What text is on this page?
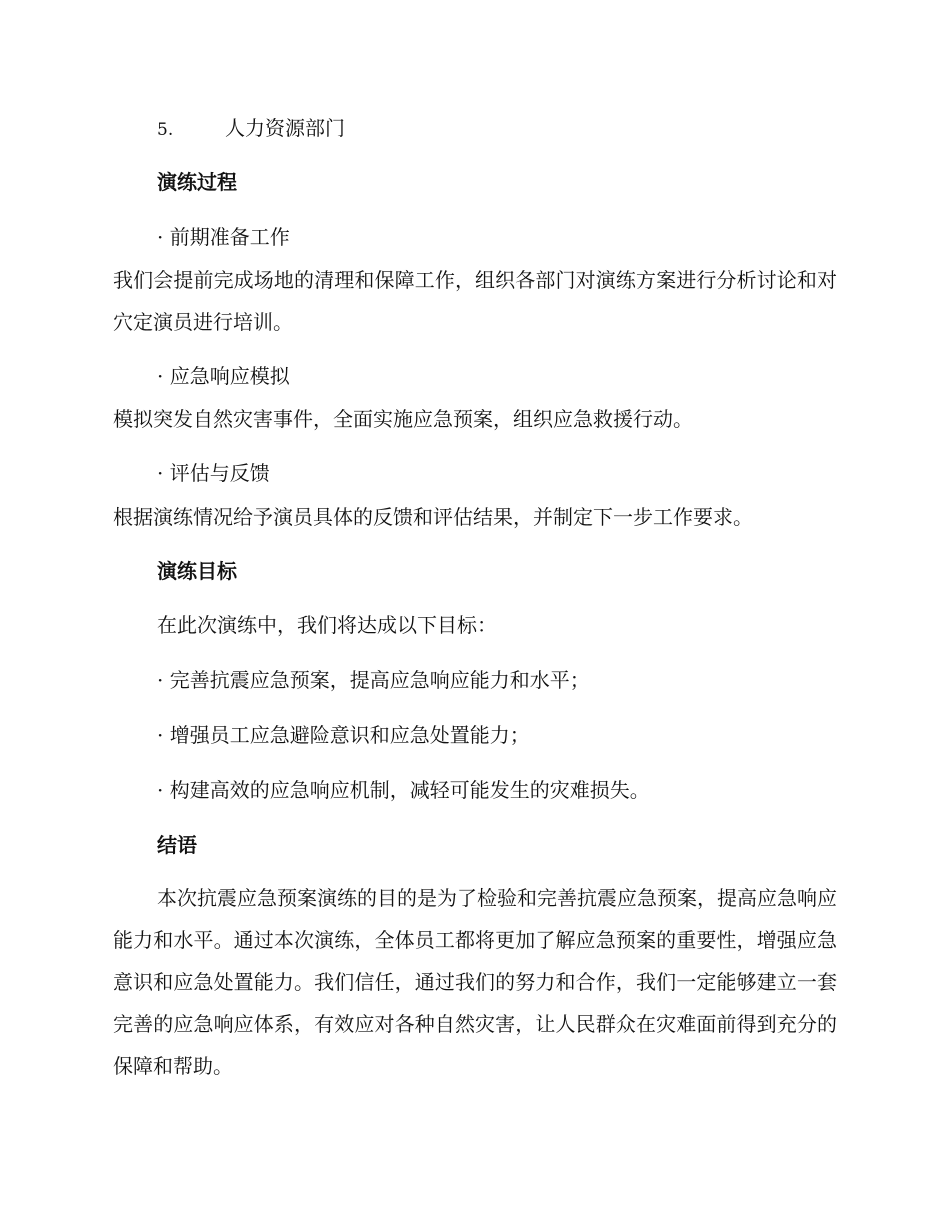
5.	人力资源部门
演练过程
· 前期准备工作
我们会提前完成场地的清理和保障工作，组织各部门对演练方案进行分析讨论和对穴定演员进行培训。
· 应急响应模拟
模拟突发自然灾害事件，全面实施应急预案，组织应急救援行动。
· 评估与反馈
根据演练情况给予演员具体的反馈和评估结果，并制定下一步工作要求。
演练目标
在此次演练中，我们将达成以下目标：
· 完善抗震应急预案，提高应急响应能力和水平；
· 增强员工应急避险意识和应急处置能力；
· 构建高效的应急响应机制，减轻可能发生的灾难损失。
结语
本次抗震应急预案演练的目的是为了检验和完善抗震应急预案，提高应急响应能力和水平。通过本次演练，全体员工都将更加了解应急预案的重要性，增强应急意识和应急处置能力。我们信任，通过我们的努力和合作，我们一定能够建立一套完善的应急响应体系，有效应对各种自然灾害，让人民群众在灾难面前得到充分的保障和帮助。
